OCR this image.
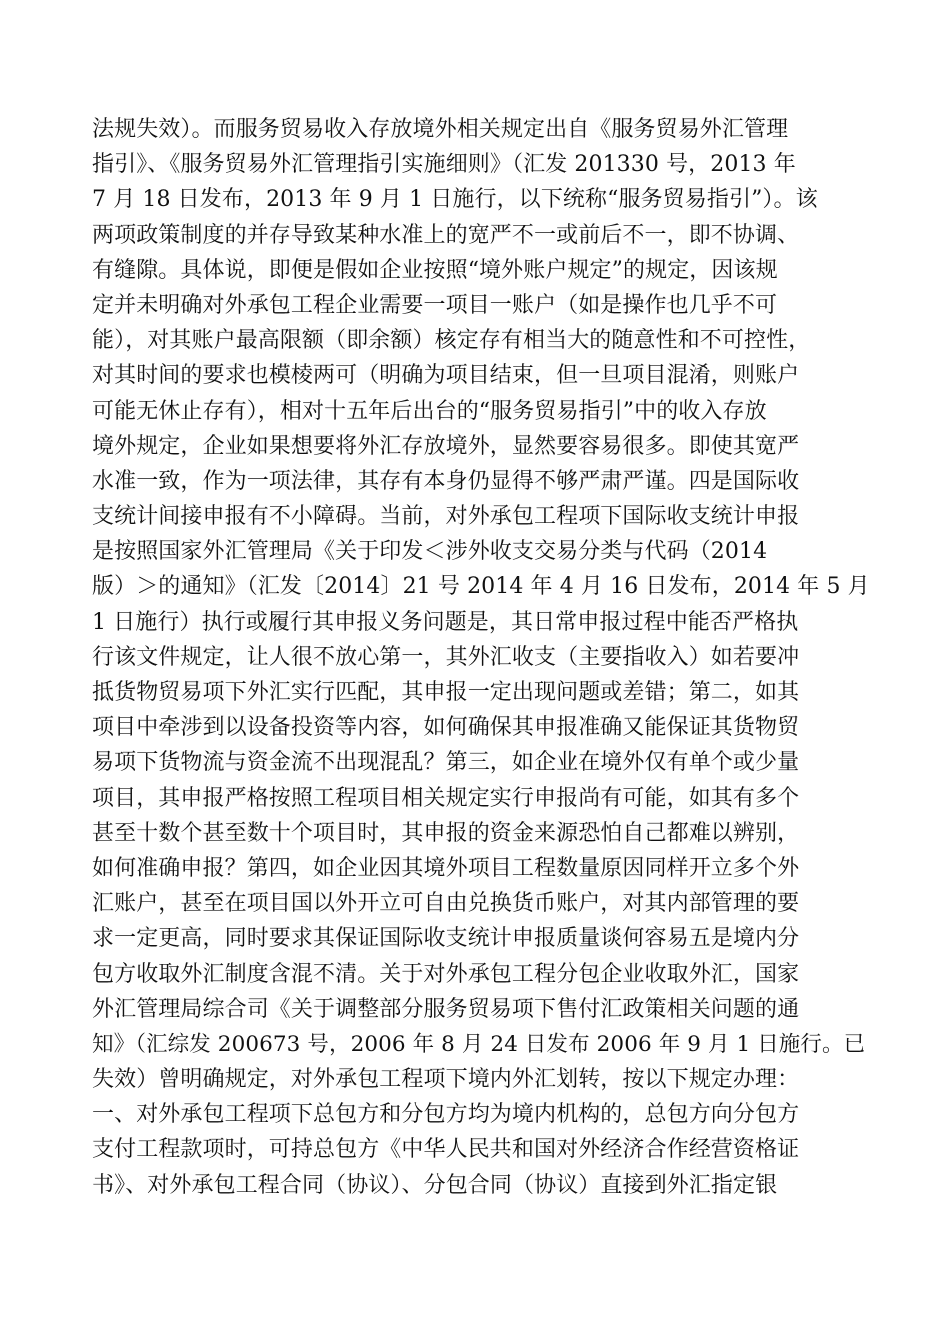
法规失效）。而服务贸易收入存放境外相关规定出自《服务贸易外汇管理
指引》、《服务贸易外汇管理指引实施细则》（汇发 201330 号，2013 年
7 月 18 日发布，2013 年 9 月 1 日施行，以下统称“服务贸易指引”）。该
两项政策制度的并存导致某种水准上的宽严不一或前后不一，即不协调、
有缝隙。具体说，即便是假如企业按照“境外账户规定”的规定，因该规
定并未明确对外承包工程企业需要一项目一账户（如是操作也几乎不可
能），对其账户最高限额（即余额）核定存有相当大的随意性和不可控性，
对其时间的要求也模棱两可（明确为项目结束，但一旦项目混淆，则账户
可能无休止存有），相对十五年后出台的“服务贸易指引”中的收入存放
境外规定，企业如果想要将外汇存放境外，显然要容易很多。即使其宽严
水准一致，作为一项法律，其存有本身仍显得不够严肃严谨。四是国际收
支统计间接申报有不小障碍。当前，对外承包工程项下国际收支统计申报
是按照国家外汇管理局《关于印发＜涉外收支交易分类与代码（2014
版）＞的通知》（汇发〔2014〕21 号 2014 年 4 月 16 日发布，2014 年 5 月
1 日施行）执行或履行其申报义务问题是，其日常申报过程中能否严格执
行该文件规定，让人很不放心第一，其外汇收支（主要指收入）如若要冲
抵货物贸易项下外汇实行匹配，其申报一定出现问题或差错；第二，如其
项目中牵涉到以设备投资等内容，如何确保其申报准确又能保证其货物贸
易项下货物流与资金流不出现混乱？第三，如企业在境外仅有单个或少量
项目，其申报严格按照工程项目相关规定实行申报尚有可能，如其有多个
甚至十数个甚至数十个项目时，其申报的资金来源恐怕自己都难以辨别，
如何准确申报？第四，如企业因其境外项目工程数量原因同样开立多个外
汇账户，甚至在项目国以外开立可自由兑换货币账户，对其内部管理的要
求一定更高，同时要求其保证国际收支统计申报质量谈何容易五是境内分
包方收取外汇制度含混不清。关于对外承包工程分包企业收取外汇，国家
外汇管理局综合司《关于调整部分服务贸易项下售付汇政策相关问题的通
知》（汇综发 200673 号，2006 年 8 月 24 日发布 2006 年 9 月 1 日施行。已
失效）曾明确规定，对外承包工程项下境内外汇划转，按以下规定办理：
一、对外承包工程项下总包方和分包方均为境内机构的，总包方向分包方
支付工程款项时，可持总包方《中华人民共和国对外经济合作经营资格证
书》、对外承包工程合同（协议）、分包合同（协议）直接到外汇指定银
